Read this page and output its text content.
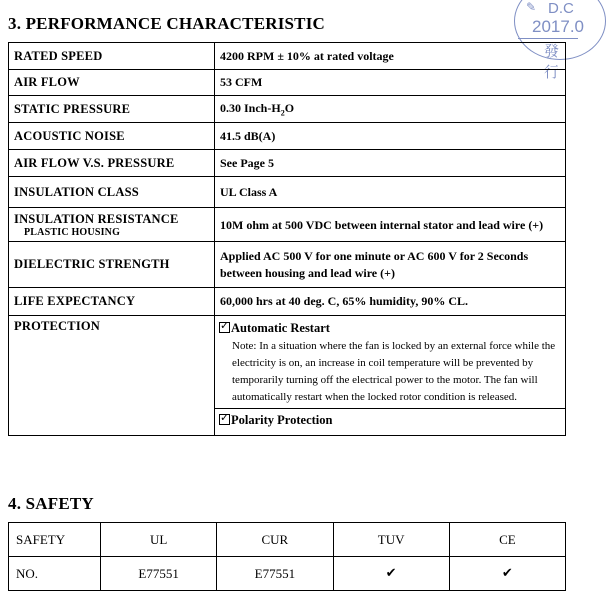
✎ D.C
2017.0
發 行
3. PERFORMANCE CHARACTERISTIC
RATED SPEED	4200 RPM ± 10% at rated voltage
AIR FLOW	53 CFM
STATIC PRESSURE	0.30 Inch-$H_2O$
ACOUSTIC NOISE	41.5 dB(A)
AIR FLOW V.S. PRESSURE	See Page 5
INSULATION CLASS	UL Class A
INSULATION RESISTANCE
PLASTIC HOUSING	10M ohm at 500 VDC between internal stator and lead wire (+)
DIELECTRIC STRENGTH	Applied AC 500 V for one minute or AC 600 V for 2 Seconds between housing and lead wire (+)
LIFE EXPECTANCY	60,000 hrs at 40 deg. C, 65% humidity, 90% CL.
PROTECTION	
✓Automatic Restart
Note: In a situation where the fan is locked by an external force while the electricity is on, an increase in coil temperature will be prevented by temporarily turning off the electrical power to the motor. The fan will automatically restart when the locked rotor condition is released.
✓Polarity Protection
4. SAFETY
SAFETY	UL	CUR	TUV	CE
NO.	E77551	E77551	✔	✔
